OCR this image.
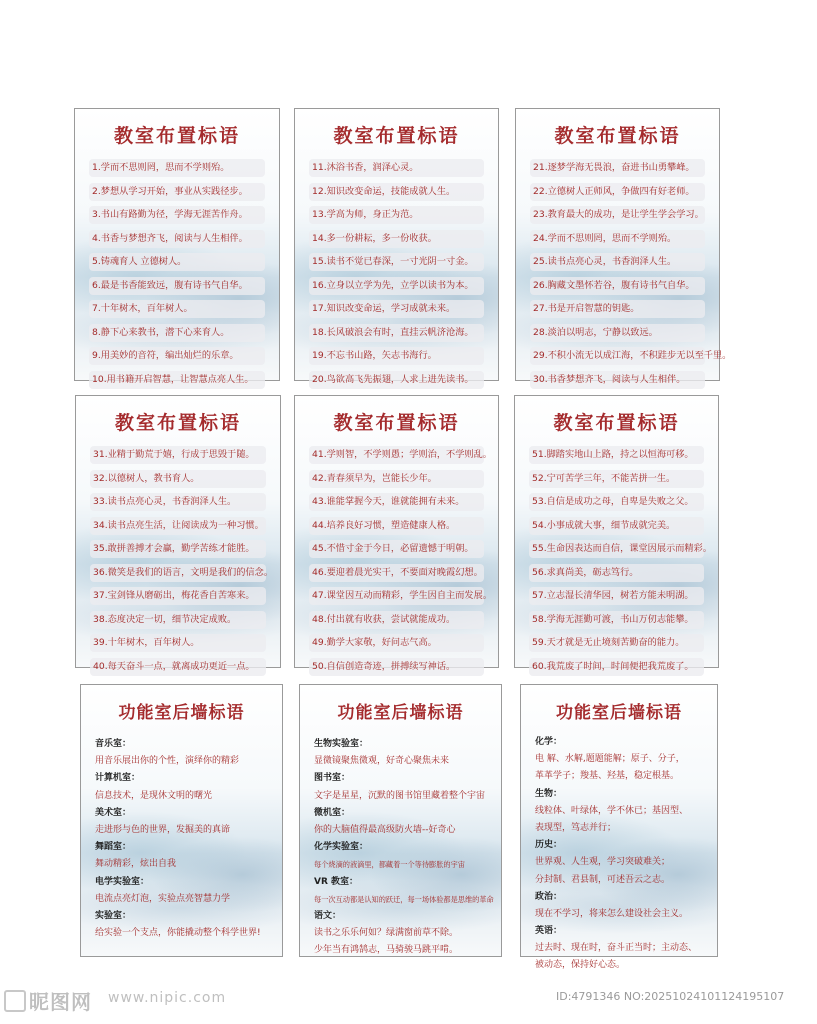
教室布置标语
1.学而不思则罔，思而不学则殆。
2.梦想从学习开始，事业从实践径步。
3.书山有路勤为径，学海无涯苦作舟。
4.书香与梦想齐飞，阅读与人生相伴。
5.铸魂育人 立德树人。
6.最是书香能致远，腹有诗书气自华。
7.十年树木，百年树人。
8.静下心来教书，潜下心来育人。
9.用美妙的音符，编出灿烂的乐章。
10.用书籍开启智慧，让智慧点亮人生。
教室布置标语
11.沐浴书香，润泽心灵。
12.知识改变命运，技能成就人生。
13.学高为师，身正为范。
14.多一份耕耘，多一份收获。
15.读书不觉已春深，一寸光阴一寸金。
16.立身以立学为先，立学以读书为本。
17.知识改变命运，学习成就未来。
18.长风破浪会有时，直挂云帆济沧海。
19.不忘书山路，矢志书海行。
20.鸟欲高飞先振翅，人求上进先读书。
教室布置标语
21.逐梦学海无畏浪，奋进书山勇攀峰。
22.立德树人正师风，争做四有好老师。
23.教育最大的成功，是让学生学会学习。
24.学而不思则罔，思而不学则殆。
25.读书点亮心灵，书香润泽人生。
26.胸藏文墨怀若谷，腹有诗书气自华。
27.书是开启智慧的钥匙。
28.淡泊以明志，宁静以致远。
29.不积小流无以成江海，不积跬步无以至千里。
30.书香梦想齐飞，阅读与人生相伴。
教室布置标语
31.业精于勤荒于嬉，行成于思毁于随。
32.以德树人，教书育人。
33.读书点亮心灵，书香润泽人生。
34.读书点亮生活，让阅读成为一种习惯。
35.敢拼善搏才会赢，勤学苦练才能胜。
36.微笑是我们的语言，文明是我们的信念。
37.宝剑锋从磨砺出，梅花香自苦寒来。
38.态度决定一切，细节决定成败。
39.十年树木，百年树人。
40.每天奋斗一点，就离成功更近一点。
教室布置标语
41.学则智，不学则愚；学则治，不学则乱。
42.青春须早为，岂能长少年。
43.谁能掌握今天，谁就能拥有未来。
44.培养良好习惯，塑造健康人格。
45.不惜寸金于今日，必留遗憾于明朝。
46.要迎着晨光实干，不要面对晚霞幻想。
47.课堂因互动而精彩，学生因自主而发展。
48.付出就有收获，尝试就能成功。
49.勤学大家敬，好问志气高。
50.自信创造奇迹，拼搏续写神话。
教室布置标语
51.脚踏实地山上路，持之以恒海可移。
52.宁可苦学三年，不能苦拼一生。
53.自信是成功之母，自卑是失败之父。
54.小事成就大事，细节成就完美。
55.生命因表达而自信，课堂因展示而精彩。
56.求真尚美，砺志笃行。
57.立志湿长清华园，树若方能未明湖。
58.学海无涯勤可渡，书山万仞志能攀。
59.天才就是无止境刻苦勤奋的能力。
60.我荒废了时间，时间便把我荒废了。
功能室后墙标语
音乐室：
用音乐展出你的个性，演绎你的精彩
计算机室：
信息技术，是现休文明的曙光
美术室：
走进形与色的世界，发掘美的真谛
舞蹈室：
舞动精彩，炫出自我
电学实验室：
电流点亮灯泡，实验点亮智慧力学
实验室：
给实验一个支点，你能撬动整个科学世界!
功能室后墙标语
生物实验室：
显微镜聚焦微观，好奇心聚焦未来
图书室：
文字是星星，沉默的图书馆里藏着整个宇宙
微机室：
你的大脑值得最高级防火墙--好奇心
化学实验室：
每个烧滴的液滴里，都藏着一个等待膨胀的宇宙
VR 教室：
每一次互动都是认知的跃迁，每一场体验都是思维的革命
语文：
读书之乐乐何如？绿满窗前草不除。
少年当有鸿鹄志，马骑骏马跳平啃。
功能室后墙标语
化学：
电 解、水解,题题能解；原子、分子，
革革学子；羧基、羟基，稳定根基。
生物：
线粒体、叶绿体，学不休已；基因型、
表现型，笃志并行；
历史：
世界观、人生观，学习突破难关；
分封制、君县制，可述吾云之志。
政治：
现在不学习，将来怎么建设社会主义。
英语：
过去时、现在时，奋斗正当时；主动态、
被动态，保持好心态。
昵图网 www.nipic.com	ID:4791346 NO:20251024101124195107
